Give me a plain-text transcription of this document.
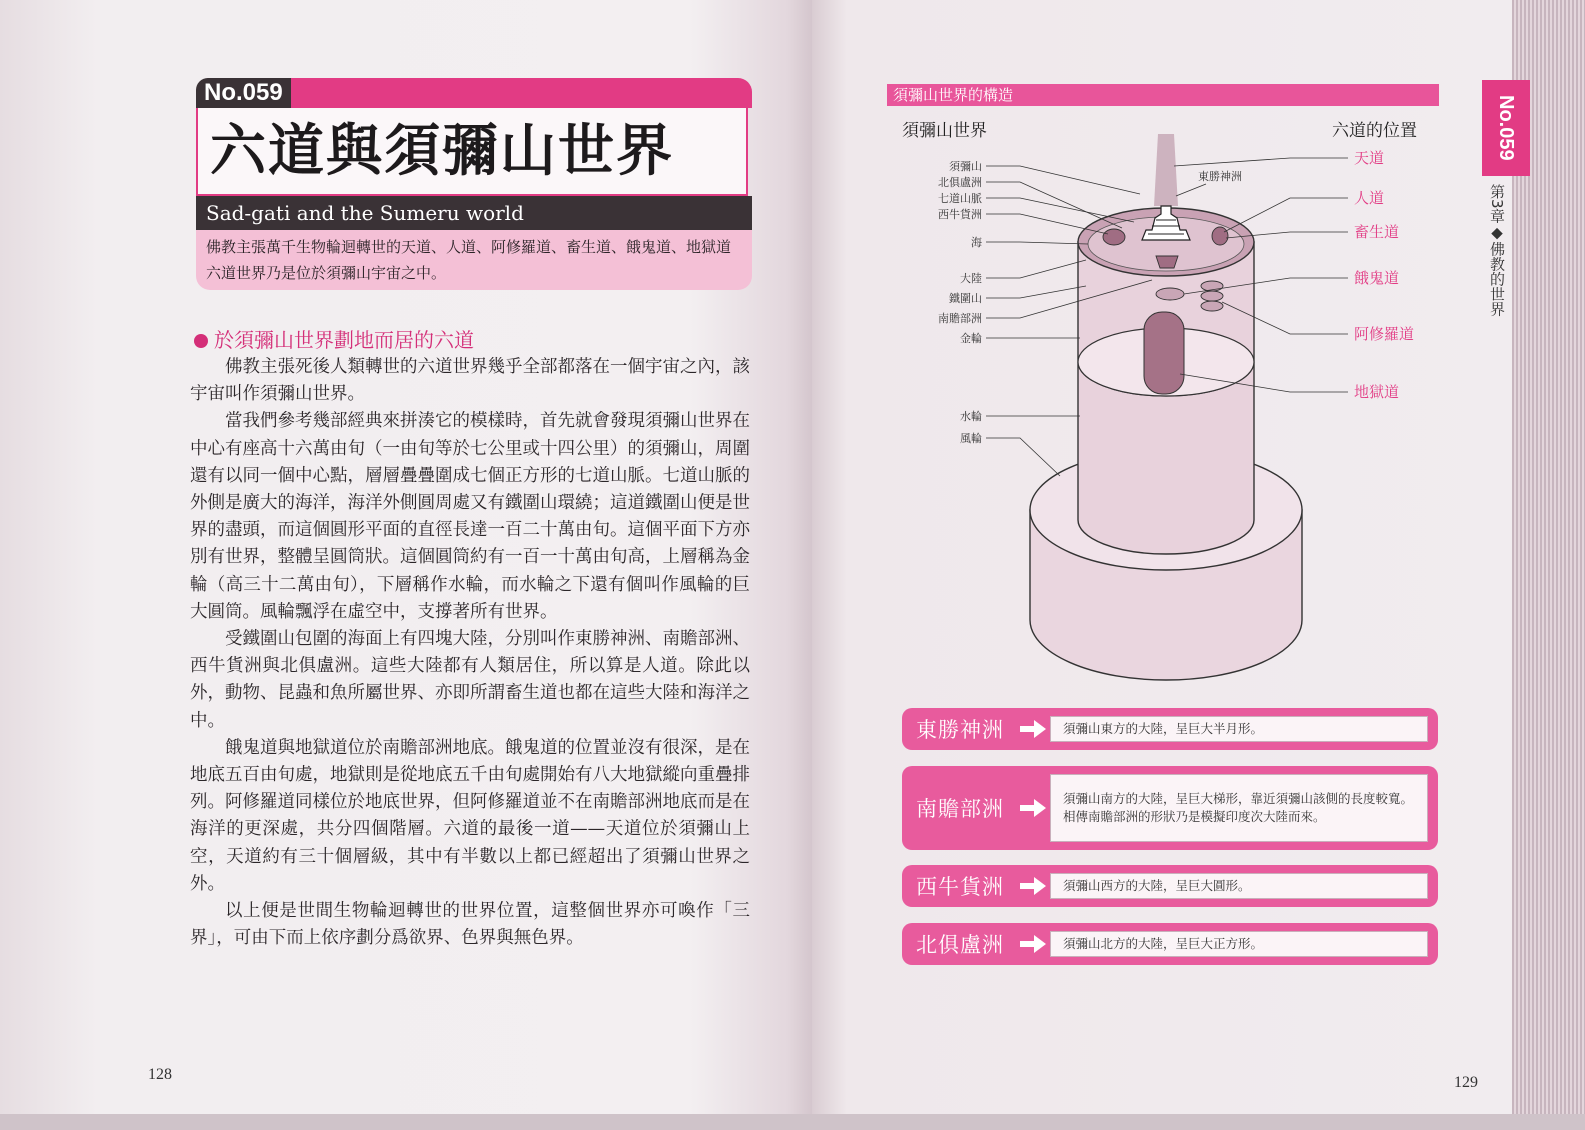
No.059
六道與須彌山世界
Sad-gati and the Sumeru world
佛教主張萬千生物輪迴轉世的天道、人道、阿修羅道、畜生道、餓鬼道、地獄道六道世界乃是位於須彌山宇宙之中。
於須彌山世界劃地而居的六道

佛教主張死後人類轉世的六道世界幾乎全部都落在一個宇宙之內，該宇宙叫作須彌山世界。

當我們參考幾部經典來拼湊它的模樣時，首先就會發現須彌山世界在中心有座高十六萬由旬（一由旬等於七公里或十四公里）的須彌山，周圍還有以同一個中心點，層層疊疊圍成七個正方形的七道山脈。七道山脈的外側是廣大的海洋，海洋外側圓周處又有鐵圍山環繞；這道鐵圍山便是世界的盡頭，而這個圓形平面的直徑長達一百二十萬由旬。這個平面下方亦別有世界，整體呈圓筒狀。這個圓筒約有一百一十萬由旬高，上層稱為金輪（高三十二萬由旬），下層稱作水輪，而水輪之下還有個叫作風輪的巨大圓筒。風輪飄浮在虛空中，支撐著所有世界。

受鐵圍山包圍的海面上有四塊大陸，分別叫作東勝神洲、南贍部洲、西牛貨洲與北俱盧洲。這些大陸都有人類居住，所以算是人道。除此以外，動物、昆蟲和魚所屬世界、亦即所謂畜生道也都在這些大陸和海洋之中。

餓鬼道與地獄道位於南贍部洲地底。餓鬼道的位置並沒有很深，是在地底五百由旬處，地獄則是從地底五千由旬處開始有八大地獄縱向重疊排列。阿修羅道同樣位於地底世界，但阿修羅道並不在南贍部洲地底而是在海洋的更深處，共分四個階層。六道的最後一道——天道位於須彌山上空，天道約有三十個層級，其中有半數以上都已經超出了須彌山世界之外。

以上便是世間生物輪迴轉世的世界位置，這整個世界亦可喚作「三界」，可由下而上依序劃分爲欲界、色界與無色界。

128
No.059
第3章◆佛教的世界
須彌山世界的構造
須彌山世界	六道的位置
須彌山
北俱盧洲
七道山脈
西牛貨洲
海
大陸
鐵圍山
南贍部洲
金輪
水輪
風輪
天道
人道
畜生道
餓鬼道
阿修羅道
地獄道
東勝神洲
東勝神洲	須彌山東方的大陸，呈巨大半月形。
南贍部洲	須彌山南方的大陸，呈巨大梯形，靠近須彌山該側的長度較寬。相傳南贍部洲的形狀乃是模擬印度次大陸而來。
西牛貨洲	須彌山西方的大陸，呈巨大圓形。
北俱盧洲	須彌山北方的大陸，呈巨大正方形。
129
